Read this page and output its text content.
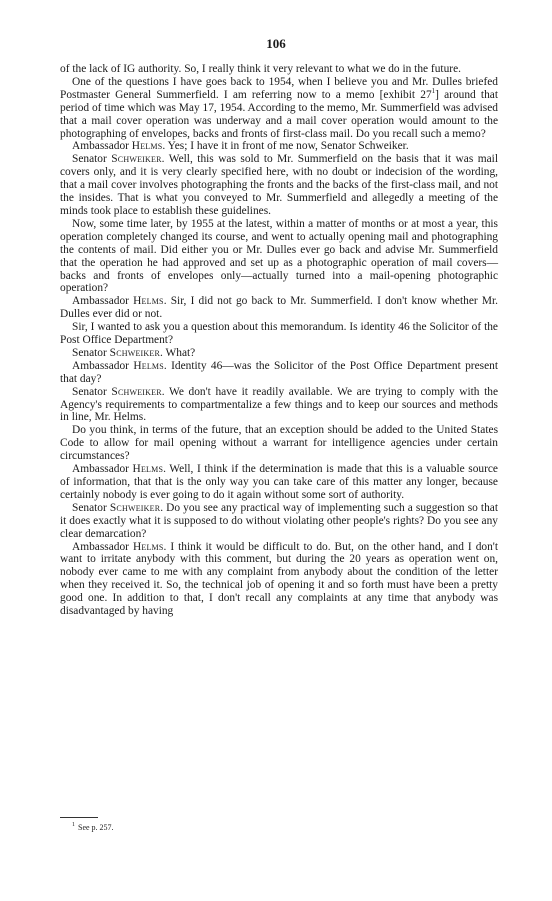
106

of the lack of IG authority. So, I really think it very relevant to what we do in the future.

One of the questions I have goes back to 1954, when I believe you and Mr. Dulles briefed Postmaster General Summerfield. I am referring now to a memo [exhibit 27$^1$] around that period of time which was May 17, 1954. According to the memo, Mr. Summerfield was advised that a mail cover operation was underway and a mail cover operation would amount to the photographing of envelopes, backs and fronts of first-class mail. Do you recall such a memo?

Ambassador Helms. Yes; I have it in front of me now, Senator Schweiker.

Senator Schweiker. Well, this was sold to Mr. Summerfield on the basis that it was mail covers only, and it is very clearly specified here, with no doubt or indecision of the wording, that a mail cover involves photographing the fronts and the backs of the first-class mail, and not the insides. That is what you conveyed to Mr. Summerfield and allegedly a meeting of the minds took place to establish these guidelines.

Now, some time later, by 1955 at the latest, within a matter of months or at most a year, this operation completely changed its course, and went to actually opening mail and photographing the contents of mail. Did either you or Mr. Dulles ever go back and advise Mr. Summerfield that the operation he had approved and set up as a photographic operation of mail covers—backs and fronts of envelopes only—actually turned into a mail-opening photographic operation?

Ambassador Helms. Sir, I did not go back to Mr. Summerfield. I don't know whether Mr. Dulles ever did or not.

Sir, I wanted to ask you a question about this memorandum. Is identity 46 the Solicitor of the Post Office Department?

Senator Schweiker. What?

Ambassador Helms. Identity 46—was the Solicitor of the Post Office Department present that day?

Senator Schweiker. We don't have it readily available. We are trying to comply with the Agency's requirements to compartmentalize a few things and to keep our sources and methods in line, Mr. Helms.

Do you think, in terms of the future, that an exception should be added to the United States Code to allow for mail opening without a warrant for intelligence agencies under certain circumstances?

Ambassador Helms. Well, I think if the determination is made that this is a valuable source of information, that that is the only way you can take care of this matter any longer, because certainly nobody is ever going to do it again without some sort of authority.

Senator Schweiker. Do you see any practical way of implementing such a suggestion so that it does exactly what it is supposed to do without violating other people's rights? Do you see any clear demarcation?

Ambassador Helms. I think it would be difficult to do. But, on the other hand, and I don't want to irritate anybody with this comment, but during the 20 years as operation went on, nobody ever came to me with any complaint from anybody about the condition of the letter when they received it. So, the technical job of opening it and so forth must have been a pretty good one. In addition to that, I don't recall any complaints at any time that anybody was disadvantaged by having

$^1$ See p. 257.
